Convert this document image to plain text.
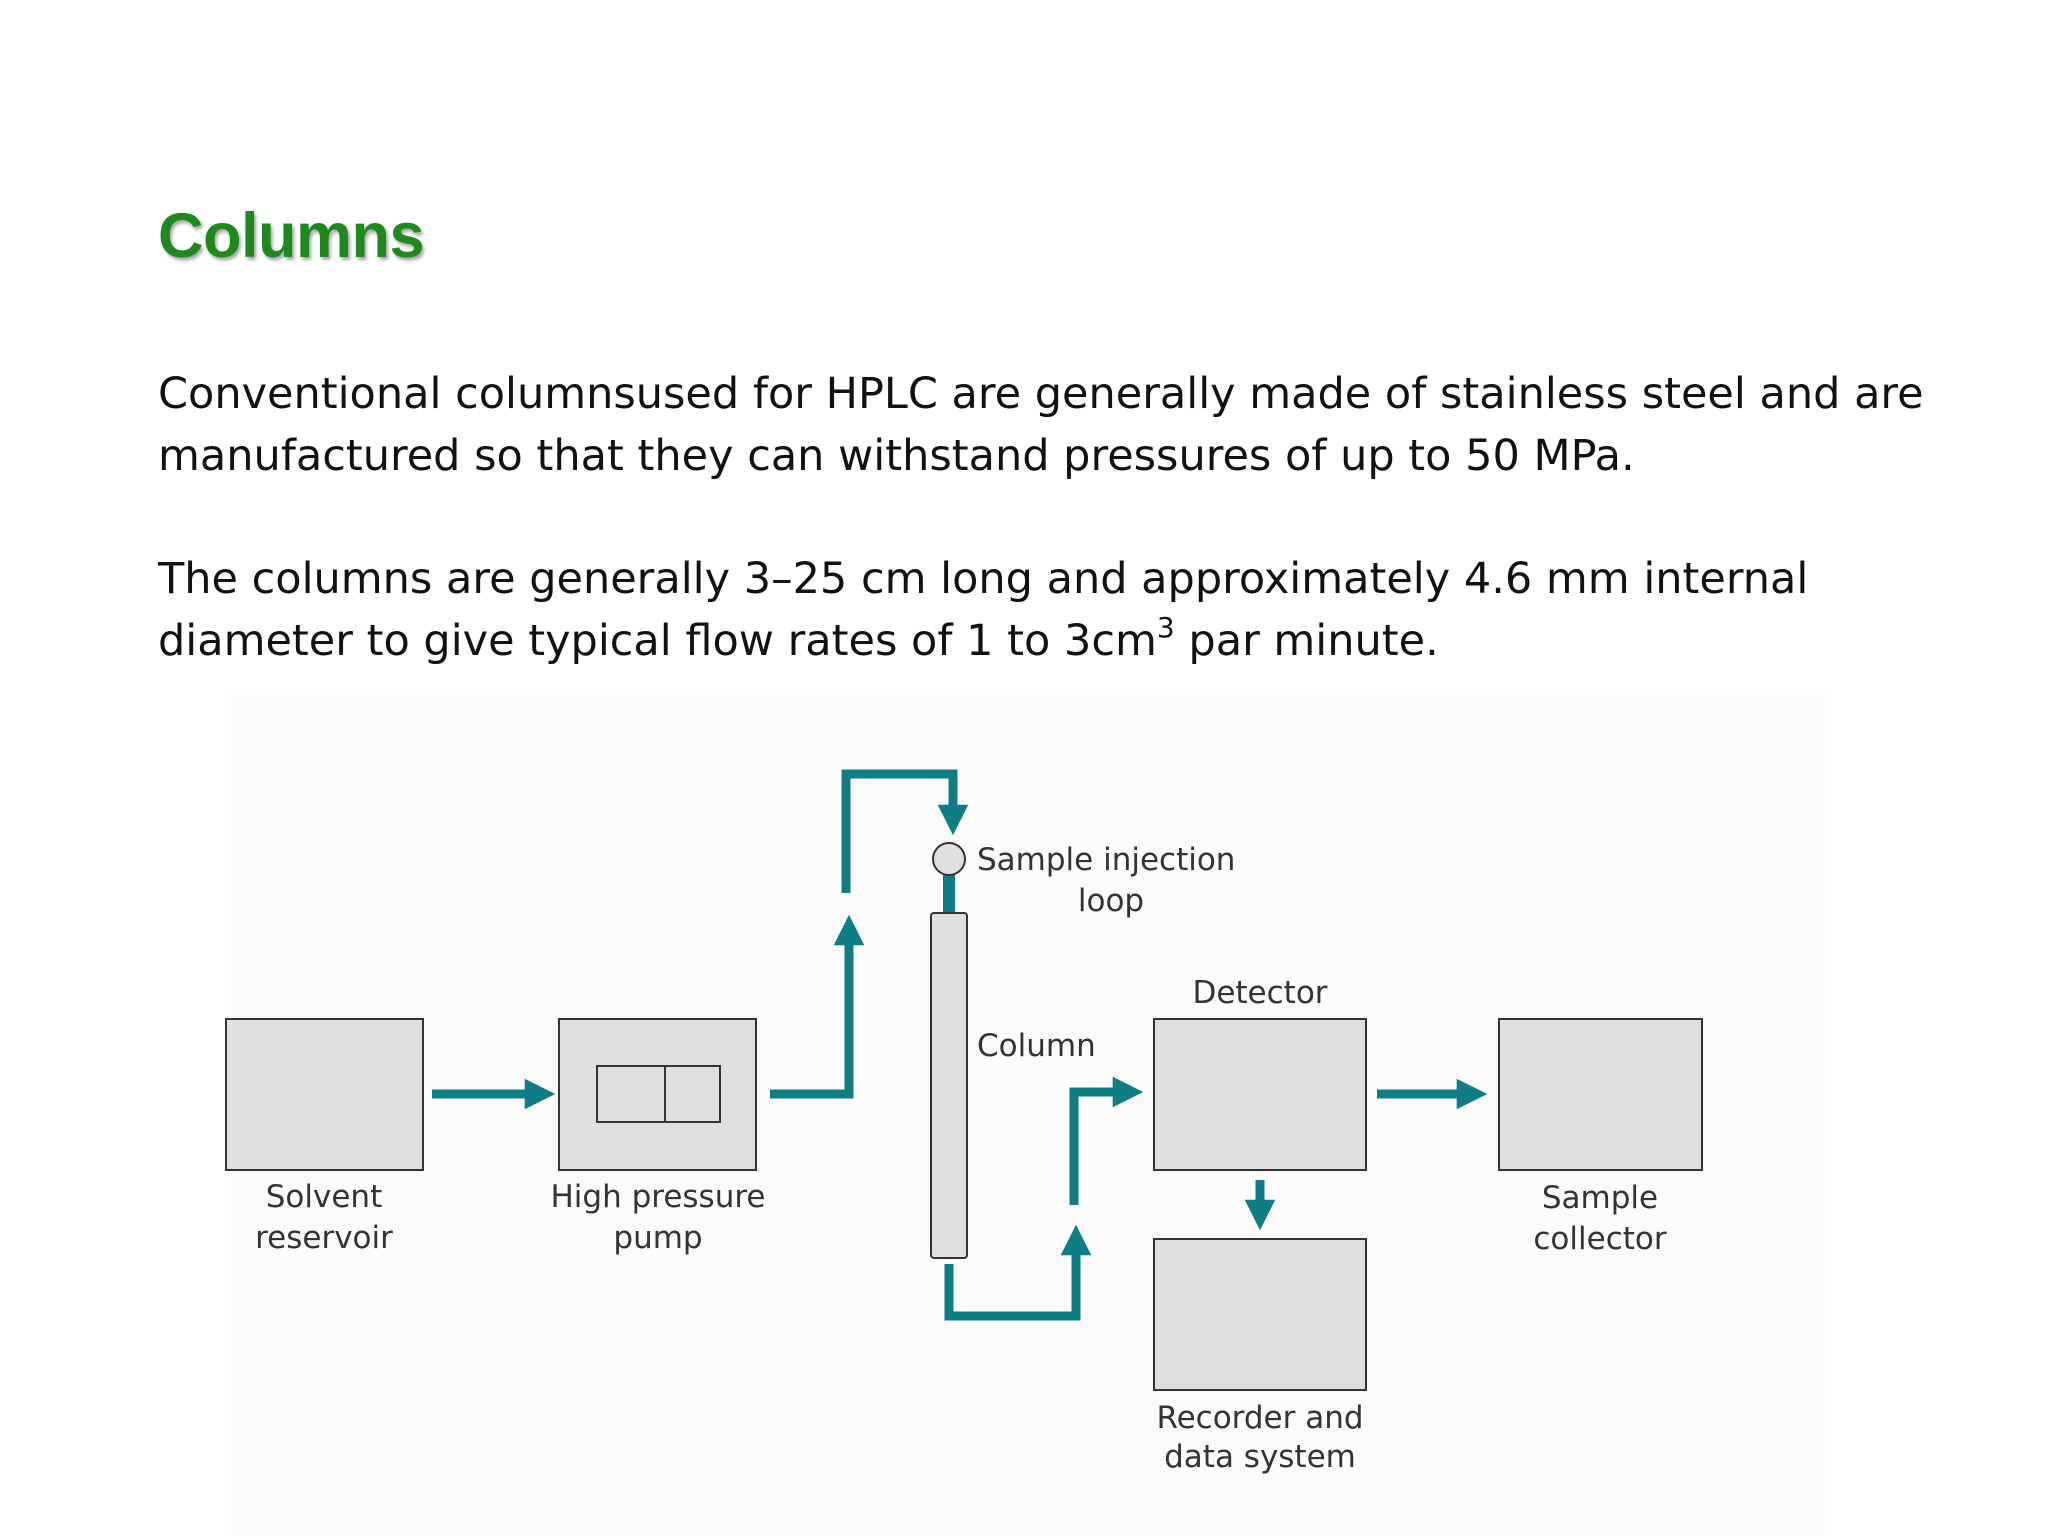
Columns

Conventional columnsused for HPLC are generally made of stainless steel and are
manufactured so that they can withstand pressures of up to 50 MPa.

The columns are generally 3–25 cm long and approximately 4.6 mm internal
diameter to give typical flow rates of 1 to $3cm^3$ par minute.

Solvent
reservoir
High pressure
pump
Sample injection
loop
Column
Detector
Sample
collector
Recorder and
data system
